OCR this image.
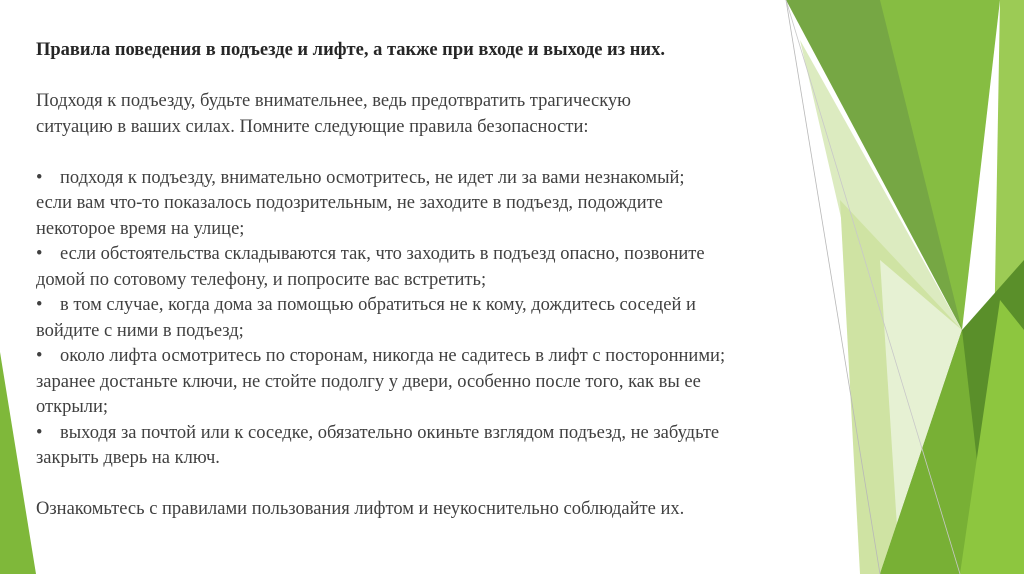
Правила поведения в подъезде и лифте, а также при входе и выходе из них.

Подходя к подъезду, будьте внимательнее, ведь предотвратить трагическую

ситуацию в ваших силах. Помните следующие правила безопасности:

• подходя к подъезду, внимательно осмотритесь, не идет ли за вами незнакомый;

если вам что-то показалось подозрительным, не заходите в подъезд, подождите

некоторое время на улице;

• если обстоятельства складываются так, что заходить в подъезд опасно, позвоните

домой по сотовому телефону, и попросите вас встретить;

• в том случае, когда дома за помощью обратиться не к кому, дождитесь соседей и

войдите с ними в подъезд;

• около лифта осмотритесь по сторонам, никогда не садитесь в лифт с посторонними;

заранее достаньте ключи, не стойте подолгу у двери, особенно после того, как вы ее

открыли;

• выходя за почтой или к соседке, обязательно окиньте взглядом подъезд, не забудьте

закрыть дверь на ключ.

Ознакомьтесь с правилами пользования лифтом и неукоснительно соблюдайте их.
